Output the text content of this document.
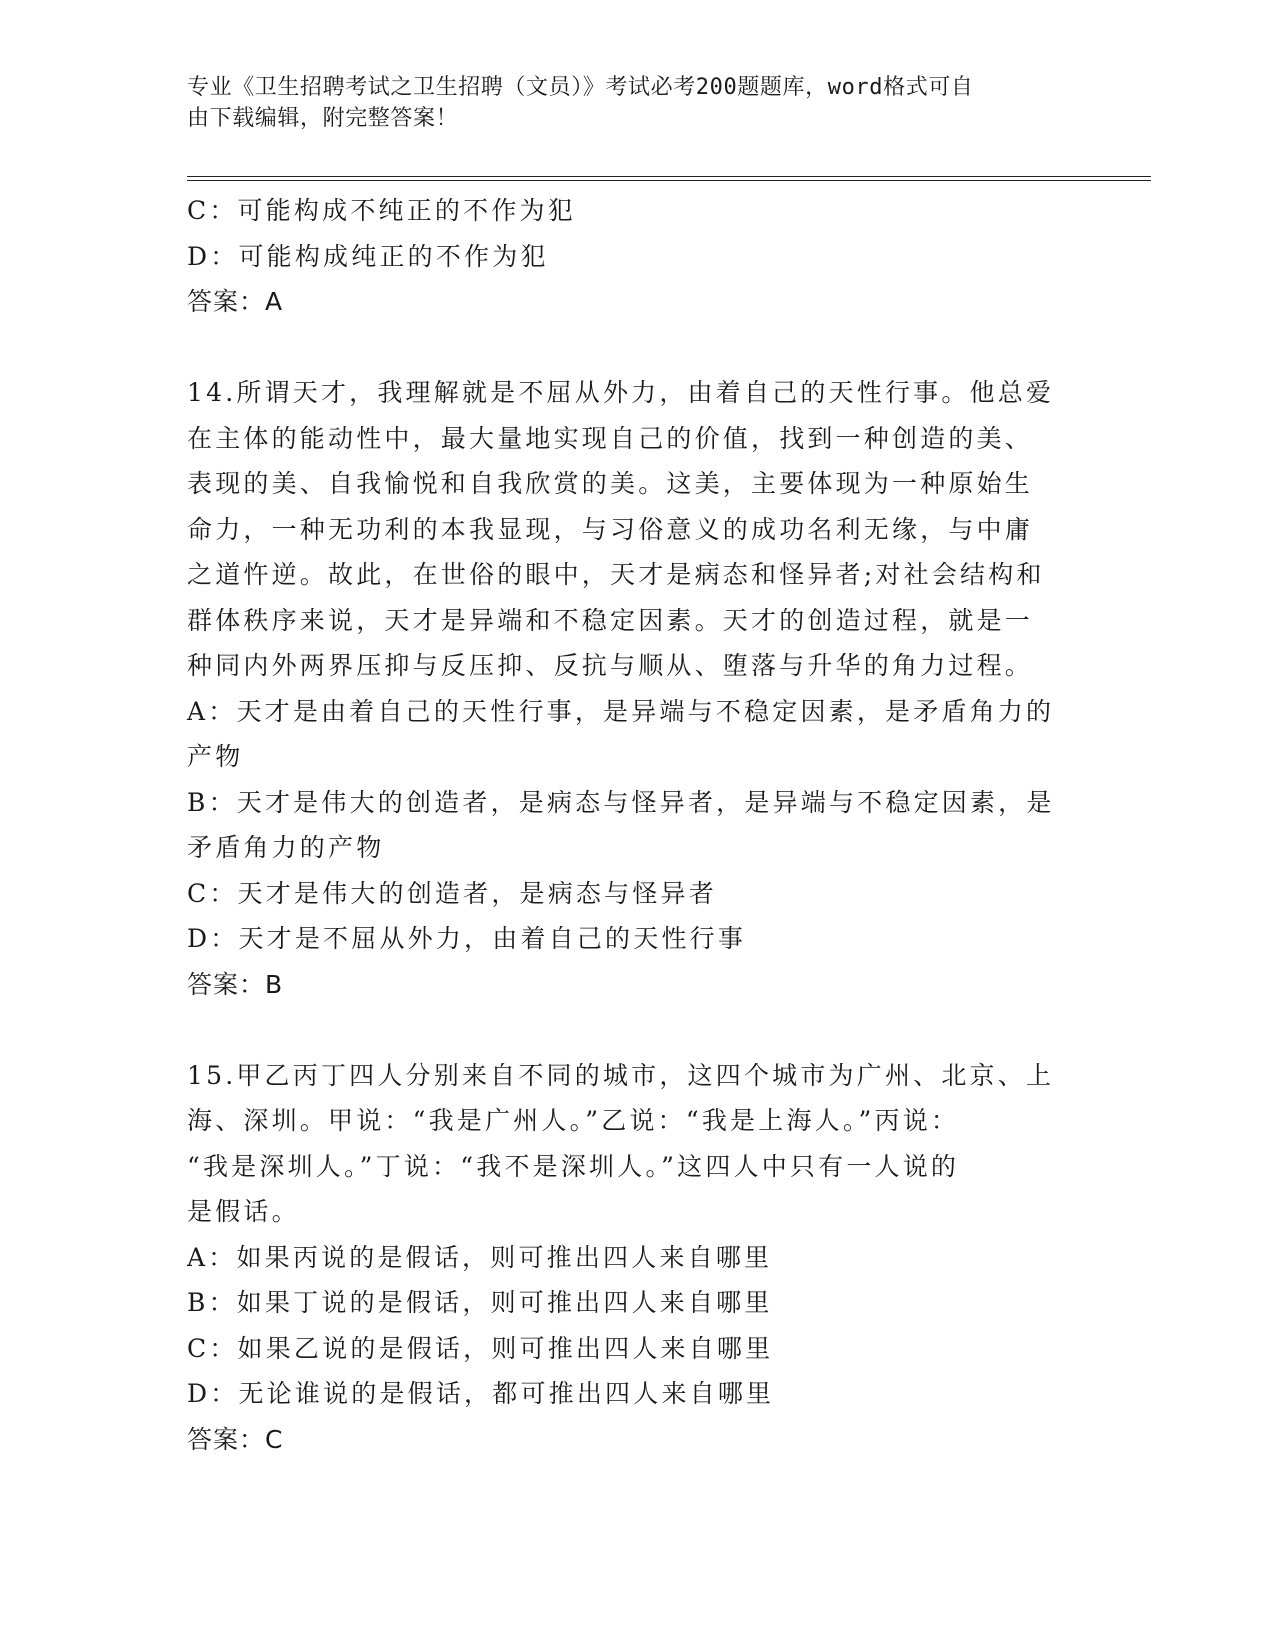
专业《卫生招聘考试之卫生招聘（文员）》考试必考200题题库，word格式可自
由下载编辑，附完整答案！
C：可能构成不纯正的不作为犯
D：可能构成纯正的不作为犯
答案：A
14.所谓天才，我理解就是不屈从外力，由着自己的天性行事。他总爱
在主体的能动性中，最大量地实现自己的价值，找到一种创造的美、
表现的美、自我愉悦和自我欣赏的美。这美，主要体现为一种原始生
命力，一种无功利的本我显现，与习俗意义的成功名利无缘，与中庸
之道忤逆。故此，在世俗的眼中，天才是病态和怪异者;对社会结构和
群体秩序来说，天才是异端和不稳定因素。天才的创造过程，就是一
种同内外两界压抑与反压抑、反抗与顺从、堕落与升华的角力过程。
A：天才是由着自己的天性行事，是异端与不稳定因素，是矛盾角力的
产物
B：天才是伟大的创造者，是病态与怪异者，是异端与不稳定因素，是
矛盾角力的产物
C：天才是伟大的创造者，是病态与怪异者
D：天才是不屈从外力，由着自己的天性行事
答案：B
15.甲乙丙丁四人分别来自不同的城市，这四个城市为广州、北京、上
海、深圳。甲说：“我是广州人。”乙说：“我是上海人。”丙说：
“我是深圳人。”丁说：“我不是深圳人。”这四人中只有一人说的
是假话。
A：如果丙说的是假话，则可推出四人来自哪里
B：如果丁说的是假话，则可推出四人来自哪里
C：如果乙说的是假话，则可推出四人来自哪里
D：无论谁说的是假话，都可推出四人来自哪里
答案：C
